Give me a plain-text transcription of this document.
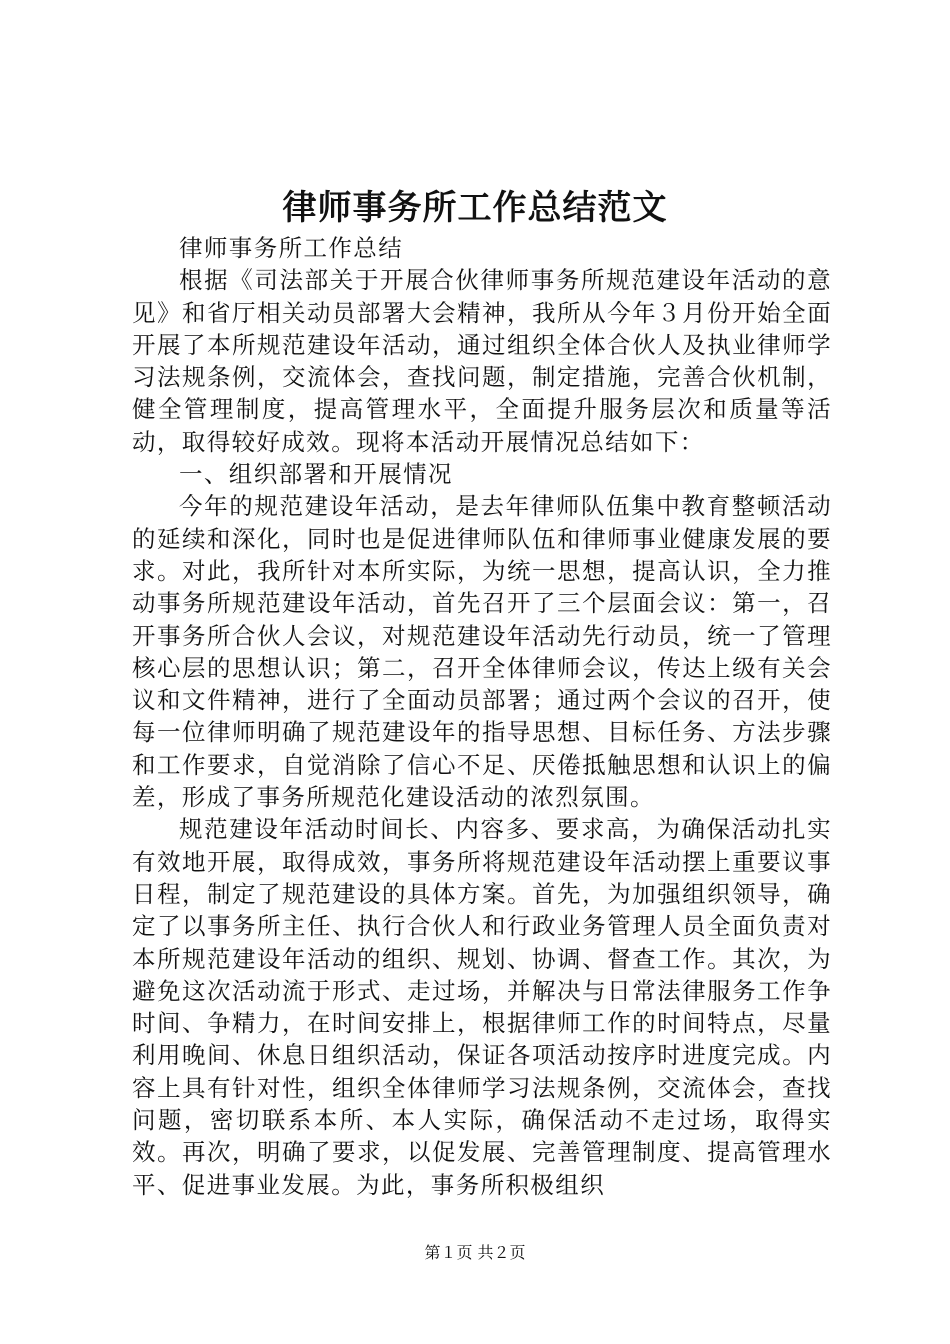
律师事务所工作总结范文

律师事务所工作总结

根据《司法部关于开展合伙律师事务所规范建设年活动的意见》和省厅相关动员部署大会精神，我所从今年３月份开始全面开展了本所规范建设年活动，通过组织全体合伙人及执业律师学习法规条例，交流体会，查找问题，制定措施，完善合伙机制，健全管理制度，提高管理水平，全面提升服务层次和质量等活动，取得较好成效。现将本活动开展情况总结如下：

一、组织部署和开展情况

今年的规范建设年活动，是去年律师队伍集中教育整顿活动的延续和深化，同时也是促进律师队伍和律师事业健康发展的要求。对此，我所针对本所实际，为统一思想，提高认识，全力推动事务所规范建设年活动，首先召开了三个层面会议：第一，召开事务所合伙人会议，对规范建设年活动先行动员，统一了管理核心层的思想认识；第二，召开全体律师会议，传达上级有关会议和文件精神，进行了全面动员部署；通过两个会议的召开，使每一位律师明确了规范建设年的指导思想、目标任务、方法步骤和工作要求，自觉消除了信心不足、厌倦抵触思想和认识上的偏差，形成了事务所规范化建设活动的浓烈氛围。

规范建设年活动时间长、内容多、要求高，为确保活动扎实有效地开展，取得成效，事务所将规范建设年活动摆上重要议事日程，制定了规范建设的具体方案。首先，为加强组织领导，确定了以事务所主任、执行合伙人和行政业务管理人员全面负责对本所规范建设年活动的组织、规划、协调、督查工作。其次，为避免这次活动流于形式、走过场，并解决与日常法律服务工作争时间、争精力，在时间安排上，根据律师工作的时间特点，尽量利用晚间、休息日组织活动，保证各项活动按序时进度完成。内容上具有针对性，组织全体律师学习法规条例，交流体会，查找问题，密切联系本所、本人实际，确保活动不走过场，取得实效。再次，明确了要求，以促发展、完善管理制度、提高管理水平、促进事业发展。为此，事务所积极组织

第１页 共２页
